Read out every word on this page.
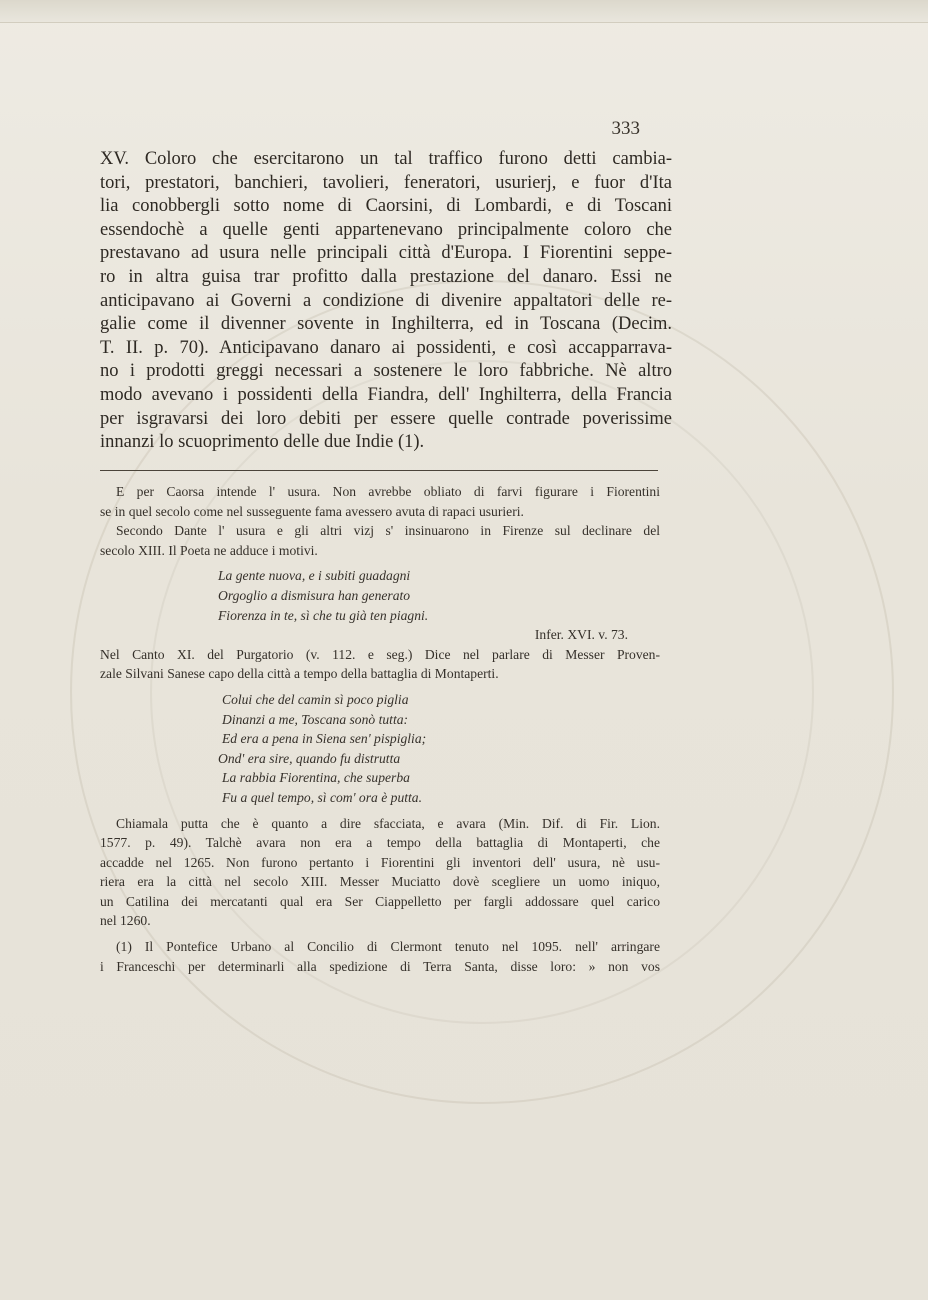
333
XV. Coloro che esercitarono un tal traffico furono detti cambia-
tori, prestatori, banchieri, tavolieri, feneratori, usurierj, e fuor d'Ita
lia conobbergli sotto nome di Caorsini, di Lombardi, e di Toscani
essendochè a quelle genti appartenevano principalmente coloro che
prestavano ad usura nelle principali città d'Europa. I Fiorentini seppe-
ro in altra guisa trar profitto dalla prestazione del danaro. Essi ne
anticipavano ai Governi a condizione di divenire appaltatori delle re-
galie come il divenner sovente in Inghilterra, ed in Toscana (Decim.
T. II. p. 70). Anticipavano danaro ai possidenti, e così accapparrava-
no i prodotti greggi necessari a sostenere le loro fabbriche. Nè altro
modo avevano i possidenti della Fiandra, dell' Inghilterra, della Francia
per isgravarsi dei loro debiti per essere quelle contrade poverissime
innanzi lo scuoprimento delle due Indie (1).
E per Caorsa intende l' usura. Non avrebbe obliato di farvi figurare i Fiorentini
se in quel secolo come nel susseguente fama avessero avuta di rapaci usurieri.
Secondo Dante l' usura e gli altri vizj s' insinuarono in Firenze sul declinare del
secolo XIII. Il Poeta ne adduce i motivi.
La gente nuova, e i subiti guadagni
Orgoglio a dismisura han generato
Fiorenza in te, sì che tu già ten piagni.
Infer. XVI. v. 73.
Nel Canto XI. del Purgatorio (v. 112. e seg.) Dice nel parlare di Messer Proven-
zale Silvani Sanese capo della città a tempo della battaglia di Montaperti.
Colui che del camin sì poco piglia
Dinanzi a me, Toscana sonò tutta:
Ed era a pena in Siena sen' pispiglia;
Ond' era sire, quando fu distrutta
La rabbia Fiorentina, che superba
Fu a quel tempo, sì com' ora è putta.
Chiamala putta che è quanto a dire sfacciata, e avara (Min. Dif. di Fir. Lion.
1577. p. 49). Talchè avara non era a tempo della battaglia di Montaperti, che
accadde nel 1265. Non furono pertanto i Fiorentini gli inventori dell' usura, nè usu-
riera era la città nel secolo XIII. Messer Muciatto dovè scegliere un uomo iniquo,
un Catilina dei mercatanti qual era Ser Ciappelletto per fargli addossare quel carico
nel 1260.
(1) Il Pontefice Urbano al Concilio di Clermont tenuto nel 1095. nell' arringare
i Franceschi per determinarli alla spedizione di Terra Santa, disse loro: » non vos
